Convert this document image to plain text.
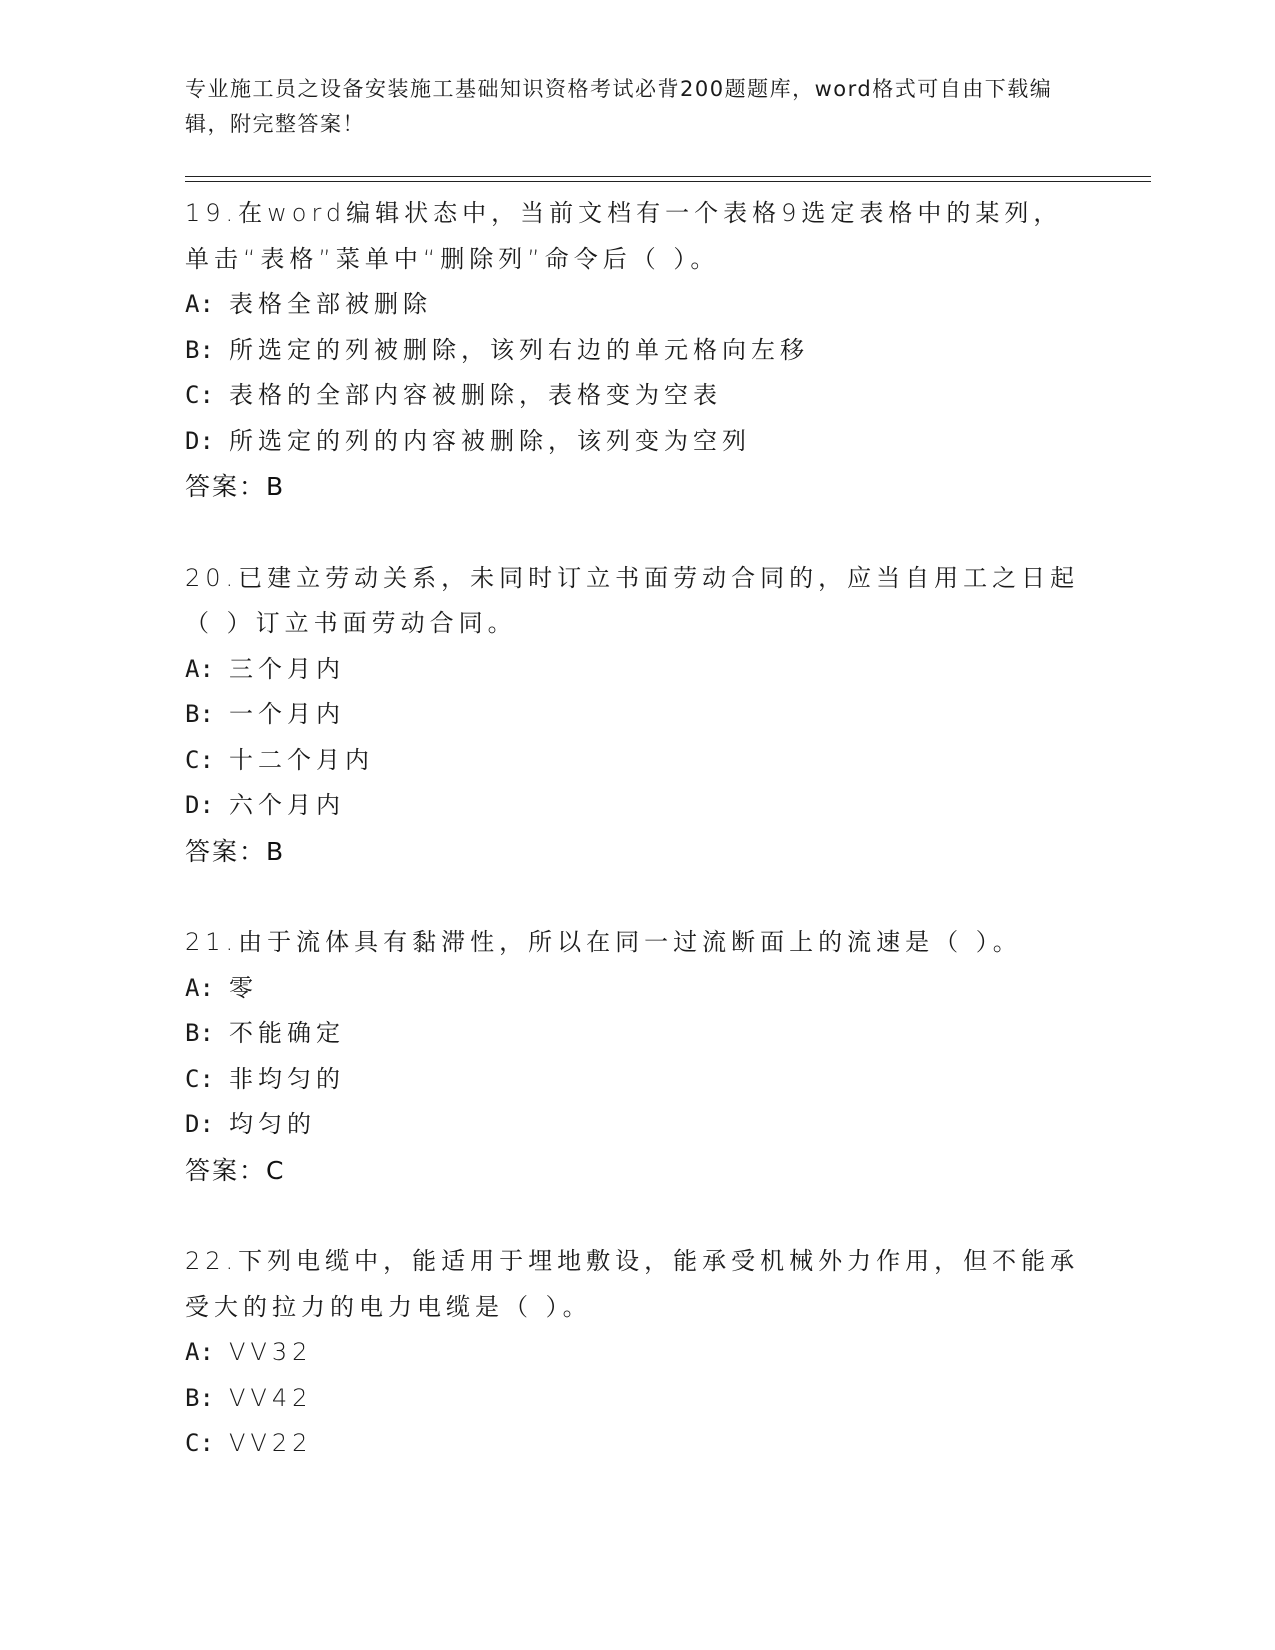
专业施工员之设备安装施工基础知识资格考试必背200题题库，word格式可自由下载编辑，附完整答案！
19.在word编辑状态中，当前文档有一个表格9选定表格中的某列，单击“表格”菜单中“删除列”命令后（ ）。
A: 表格全部被删除
B: 所选定的列被删除，该列右边的单元格向左移
C: 表格的全部内容被删除，表格变为空表
D: 所选定的列的内容被删除，该列变为空列
答案：B
20.已建立劳动关系，未同时订立书面劳动合同的，应当自用工之日起（ ）订立书面劳动合同。
A: 三个月内
B: 一个月内
C: 十二个月内
D: 六个月内
答案：B
21.由于流体具有黏滞性，所以在同一过流断面上的流速是（ ）。
A: 零
B: 不能确定
C: 非均匀的
D: 均匀的
答案：C
22.下列电缆中，能适用于埋地敷设，能承受机械外力作用，但不能承受大的拉力的电力电缆是（ ）。
A: VV32
B: VV42
C: VV22
